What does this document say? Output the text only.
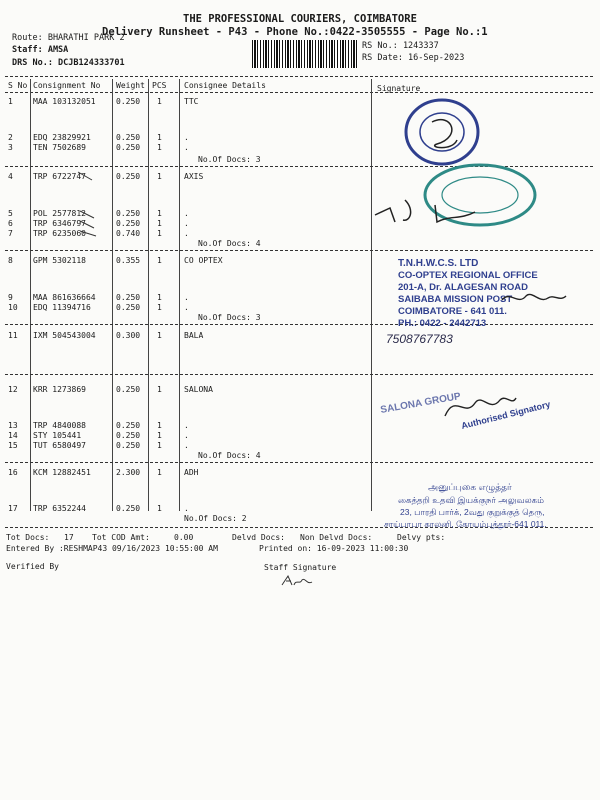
THE PROFESSIONAL COURIERS, COIMBATORE
Delivery Runsheet - P43 - Phone No.:0422-3505555 - Page No.:1
Route: BHARATHI PARK 2
Staff: AMSA
DRS No.: DCJB124333701
RS No.: 1243337
RS Date: 16-Sep-2023
S No Consignment No Weight PCS Consignee Details	Signature
1	MAA 103132051	0.250 1	TTC
2	EDQ 23829921	0.250 1	.
3	TEN 7502689	0.250 1	.
No.Of Docs: 3
4	TRP 6722747	0.250 1	AXIS
5	POL 2577812	0.250 1	.
6	TRP 6346797	0.250 1	.
7	TRP 6235060	0.740 1	.
No.Of Docs: 4
8	GPM 5302118	0.355 1	CO OPTEX
9	MAA 861636664	0.250 1	.
10 EDQ 11394716	0.250 1	.
No.Of Docs: 3
11 IXM 504543004	0.300 1	BALA
12 KRR 1273869	0.250 1	SALONA
13 TRP 4840088	0.250 1	.
14 STY 105441	0.250 1	.
15 TUT 6580497	0.250 1	.
No.Of Docs: 4
16 KCM 12882451	2.300 1	ADH
17 TRP 6352244	0.250 1	.
No.Of Docs: 2
T.N.H.W.C.S. LTD
CO-OPTEX REGIONAL OFFICE
201-A, Dr. ALAGESAN ROAD
SAIBABA MISSION POST
COIMBATORE - 641 011.
PH.: 0422 - 2442713
7508767783
SALONA GROUP
Authorised Signatory
அனுப்புகை எழுத்தர்
கைத்தறி உதவி இயக்குநர் அலுவலகம்
23, பாரதி பார்க், 2வது குறுக்குத் தெரு,
சாய்பாபா காலனி, கோயம்புத்தூர்-641 011.
Tot Docs: 17 Tot COD Amt:	0.00	Delvd Docs: Non Delvd Docs:	Delvy pts:
Entered By :RESHMAP43 09/16/2023 10:55:00 AM	Printed on: 16-09-2023 11:00:30
Verified By	Staff Signature
